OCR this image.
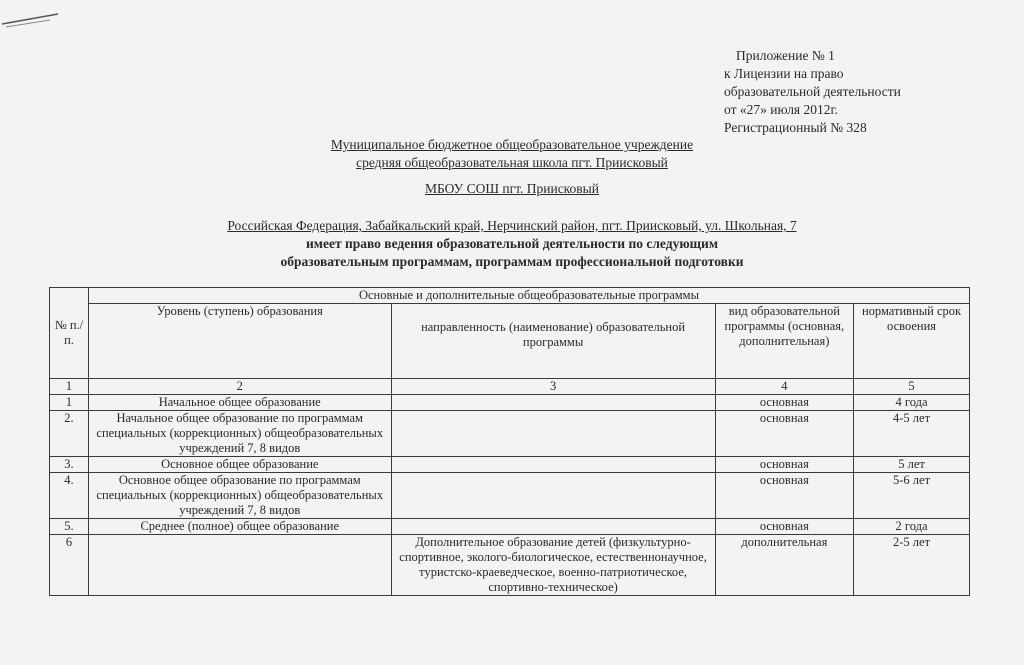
Приложение № 1
к Лицензии на право
образовательной деятельности
от «27» июля 2012г.
Регистрационный № 328
Муниципальное бюджетное общеобразовательное учреждение
средняя общеобразовательная школа пгт. Приисковый
МБОУ СОШ пгт. Приисковый
Российская Федерация, Забайкальский край, Нерчинский район, пгт. Приисковый, ул. Школьная, 7
имеет право ведения образовательной деятельности по следующим
образовательным программам, программам профессиональной подготовки
№ п./п.	Основные и дополнительные общеобразовательные программы			
	Уровень (ступень) образования	направленность (наименование) образовательной программы	вид образовательной программы (основная, дополнительная)	нормативный срок освоения
1	2	3	4	5
1	Начальное общее образование		основная	4 года
2.	Начальное общее образование по программам специальных (коррекционных) общеобразовательных учреждений 7, 8 видов		основная	4-5 лет
3.	Основное общее образование		основная	5 лет
4.	Основное общее образование по программам специальных (коррекционных) общеобразовательных учреждений 7, 8 видов		основная	5-6 лет
5.	Среднее (полное) общее образование		основная	2 года
6		Дополнительное образование детей (физкультурно-спортивное, эколого-биологическое, естественнонаучное, туристско-краеведческое, военно-патриотическое, спортивно-техническое)	дополнительная	2-5 лет
